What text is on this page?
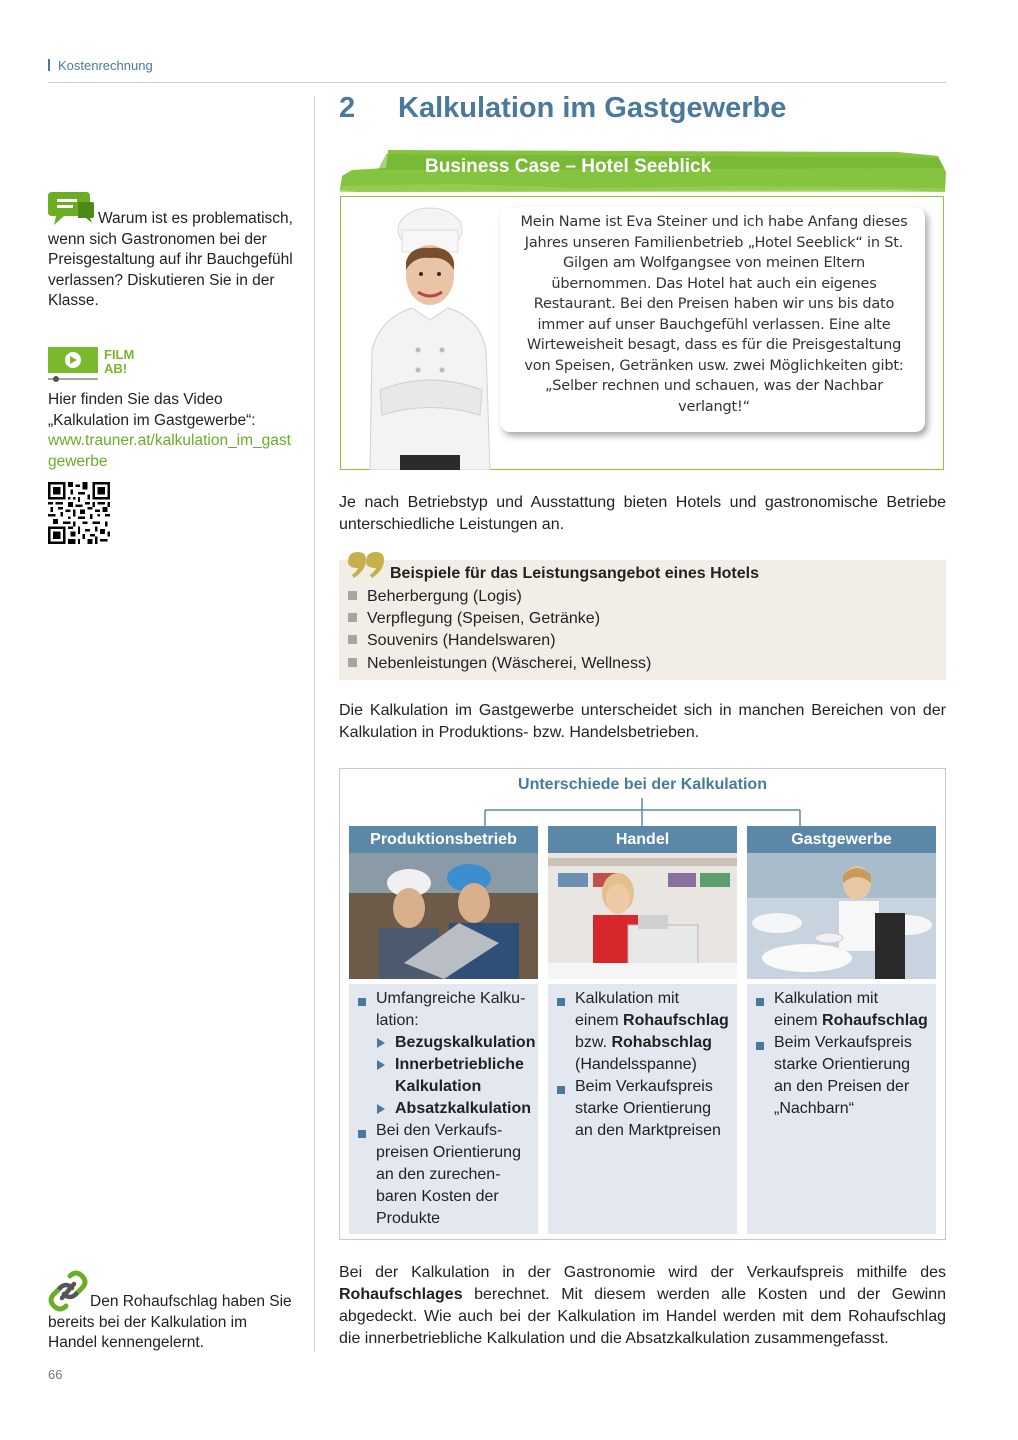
Kostenrechnung
Warum ist es problematisch, wenn sich Gastronomen bei der Preisgestaltung auf ihr Bauchgefühl verlassen? Diskutieren Sie in der Klasse.
FILM
AB!
Hier finden Sie das Video „Kalkulation im Gastgewerbe“:
www.trauner.at/kalkulation_im_gastgewerbe
Den Rohaufschlag haben Sie bereits bei der Kalkulation im Handel kennengelernt.
66
2 Kalkulation im Gastgewerbe
Business Case – Hotel Seeblick
Mein Name ist Eva Steiner und ich habe Anfang dieses Jahres unseren Familienbetrieb „Hotel Seeblick“ in St. Gilgen am Wolfgangsee von meinen Eltern übernommen. Das Hotel hat auch ein eigenes Restaurant. Bei den Preisen haben wir uns bis dato immer auf unser Bauchgefühl verlassen. Eine alte Wirteweisheit besagt, dass es für die Preisgestaltung von Speisen, Getränken usw. zwei Möglichkeiten gibt: „Selber rechnen und schauen, was der Nachbar verlangt!“
Je nach Betriebstyp und Ausstattung bieten Hotels und gastronomische Betriebe unterschiedliche Leistungen an.
Beispiele für das Leistungsangebot eines Hotels
Beherbergung (Logis)
Verpflegung (Speisen, Getränke)
Souvenirs (Handelswaren)
Nebenleistungen (Wäscherei, Wellness)
Die Kalkulation im Gastgewerbe unterscheidet sich in manchen Bereichen von der Kalkulation in Produktions- bzw. Handelsbetrieben.
Unterschiede bei der Kalkulation
Produktionsbetrieb
Umfangreiche Kalku-
lation:
Bezugskalkulation
Innerbetriebliche
Kalkulation
Absatzkalkulation
Bei den Verkaufs-
preisen Orientierung
an den zurechen-
baren Kosten der
Produkte
Handel
Kalkulation mit
einem Rohaufschlag
bzw. Rohabschlag
(Handelsspanne)
Beim Verkaufspreis
starke Orientierung
an den Marktpreisen
Gastgewerbe
Kalkulation mit
einem Rohaufschlag
Beim Verkaufspreis
starke Orientierung
an den Preisen der
„Nachbarn“
Bei der Kalkulation in der Gastronomie wird der Verkaufspreis mithilfe des Rohaufschlages berechnet. Mit diesem werden alle Kosten und der Gewinn abgedeckt. Wie auch bei der Kalkulation im Handel werden mit dem Rohaufschlag die innerbetriebliche Kalkulation und die Absatzkalkulation zusammengefasst.
